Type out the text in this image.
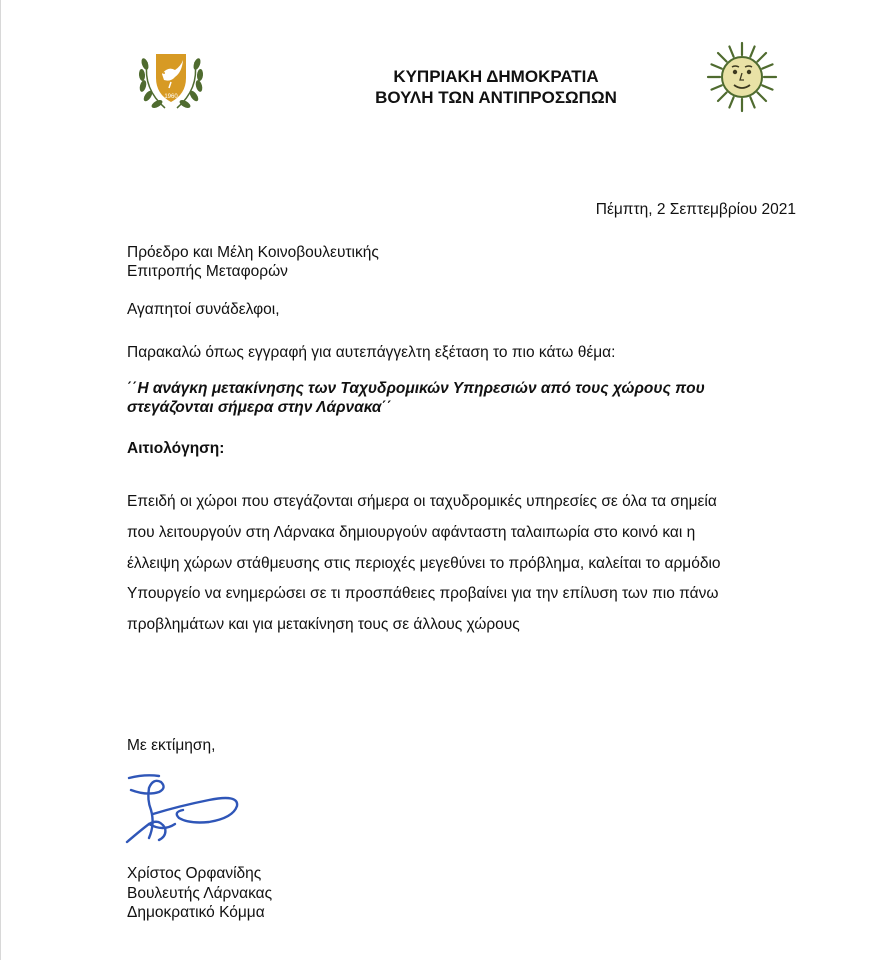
1960
ΚΥΠΡΙΑΚΗ ΔΗΜΟΚΡΑΤΙΑ
ΒΟΥΛΗ ΤΩΝ ΑΝΤΙΠΡΟΣΩΠΩΝ
Πέμπτη, 2 Σεπτεμβρίου 2021
Πρόεδρο και Μέλη Κοινοβουλευτικής
Επιτροπής Μεταφορών
Αγαπητοί συνάδελφοι,
Παρακαλώ όπως εγγραφή για αυτεπάγγελτη εξέταση το πιο κάτω θέμα:
΄΄Η ανάγκη μετακίνησης των Ταχυδρομικών Υπηρεσιών από τους χώρους που
στεγάζονται σήμερα στην Λάρνακα΄΄
Αιτιολόγηση:
Επειδή οι χώροι που στεγάζονται σήμερα οι ταχυδρομικές υπηρεσίες σε όλα τα σημεία
που λειτουργούν στη Λάρνακα δημιουργούν αφάνταστη ταλαιπωρία στο κοινό και η
έλλειψη χώρων στάθμευσης στις περιοχές μεγεθύνει το πρόβλημα, καλείται το αρμόδιο
Υπουργείο να ενημερώσει σε τι προσπάθειες προβαίνει για την επίλυση των πιο πάνω
προβλημάτων και για μετακίνηση τους σε άλλους χώρους
Με εκτίμηση,
Χρίστος Ορφανίδης
Βουλευτής Λάρνακας
Δημοκρατικό Κόμμα
